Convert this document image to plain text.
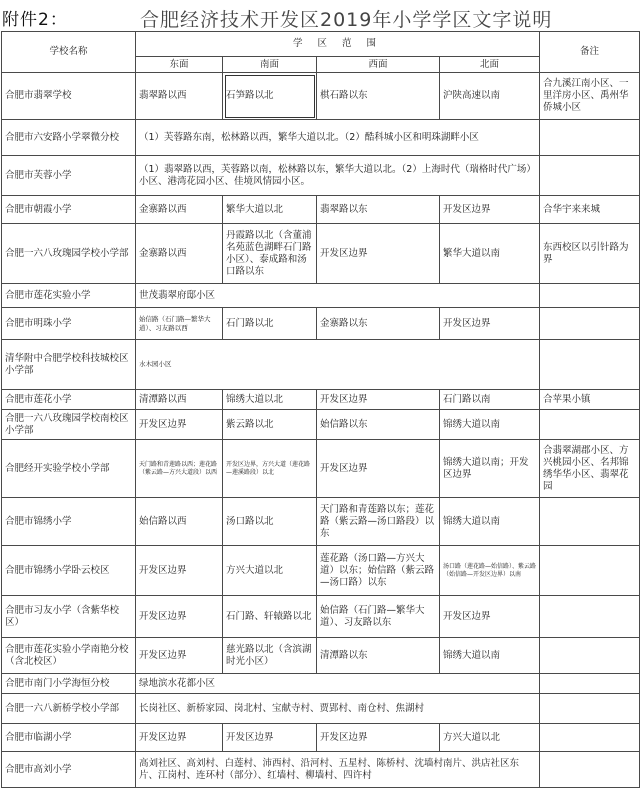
附件2：	合肥经济技术开发区2019年小学学区文字说明
学校名称	学 区 范 围				备注
	东面	南面	西面	北面	
合肥市翡翠学校	翡翠路以西	石笋路以北	棋石路以东	沪陕高速以南	合九溪江南小区、一里洋房小区、禹州华侨城小区
合肥市六安路小学翠微分校	（1）芙蓉路东南，松林路以西，繁华大道以北。（2）酷科城小区和明珠湖畔小区				
合肥市芙蓉小学	（1）翡翠路以西，芙蓉路以南，松林路以东，繁华大道以北。（2）上海时代（瑞格时代广场）小区、港湾花园小区、佳境风情园小区。				
合肥市朝霞小学	金寨路以西	繁华大道以北	翡翠路以东	开发区边界	合华宇来来城
合肥一六八玫瑰园学校小学部	金寨路以西	丹霞路以北（含董浦名苑蓝色湖畔石门路小区）、泰成路和汤口路以东	开发区边界	繁华大道以南	东西校区以引针路为界
合肥市莲花实验小学	世茂翡翠府邸小区				
合肥市明珠小学	始信路（石门路—繁华大道）、习友路以西	石门路以北	金寨路以东	开发区边界	
清华附中合肥学校科技城校区小学部	水木园小区				
合肥市莲花小学	清潭路以西	锦绣大道以北	开发区边界	石门路以南	合苹果小镇
合肥一六八玫瑰园学校南校区小学部	开发区边界	紫云路以北	始信路以东	锦绣大道以南	
合肥经开实验学校小学部	天门路和青莲路以西；莲花路（紫云路—方兴大道段）以西	开发区边界，方兴大道（莲花路—莲溪路段）以北	开发区边界	锦绣大道以南；开发区边界	合翡翠湖郡小区、方兴桃园小区、名邦锦绣华华小区、翡翠花园
合肥市锦绣小学	始信路以西	汤口路以北	天门路和青莲路以东；莲花路（紫云路—汤口路段）以东	锦绣大道以南	
合肥市锦绣小学卧云校区	开发区边界	方兴大道以北	莲花路（汤口路—方兴大道）以东；始信路（紫云路—汤口路）以东	汤口路（莲花路—始信路）、紫云路（始信路—开发区边界）以南	
合肥市习友小学（含紫华校区）	开发区边界	石门路、轩辕路以北	始信路（石门路—繁华大道）、习友路以东	开发区边界	
合肥市莲花实验小学南艳分校（含北校区）	开发区边界	慈光路以北（含滨湖时光小区）	清潭路以东	锦绣大道以南	
合肥市南门小学海恒分校	绿地滨水花都小区				
合肥一六八新桥学校小学部	长岗社区、新桥家园、岗北村、宝献寺村、贾郢村、南仓村、焦湖村				
合肥市临湖小学	开发区边界	开发区边界	开发区边界	方兴大道以北	
合肥市高刘小学	高刘社区、高刘村、白莲村、沛西村、沿河村、五星村、陈桥村、沈墙村南片、洪店社区东片、江岗村、连环村（部分）、红墙村、柳墙村、四许村				
